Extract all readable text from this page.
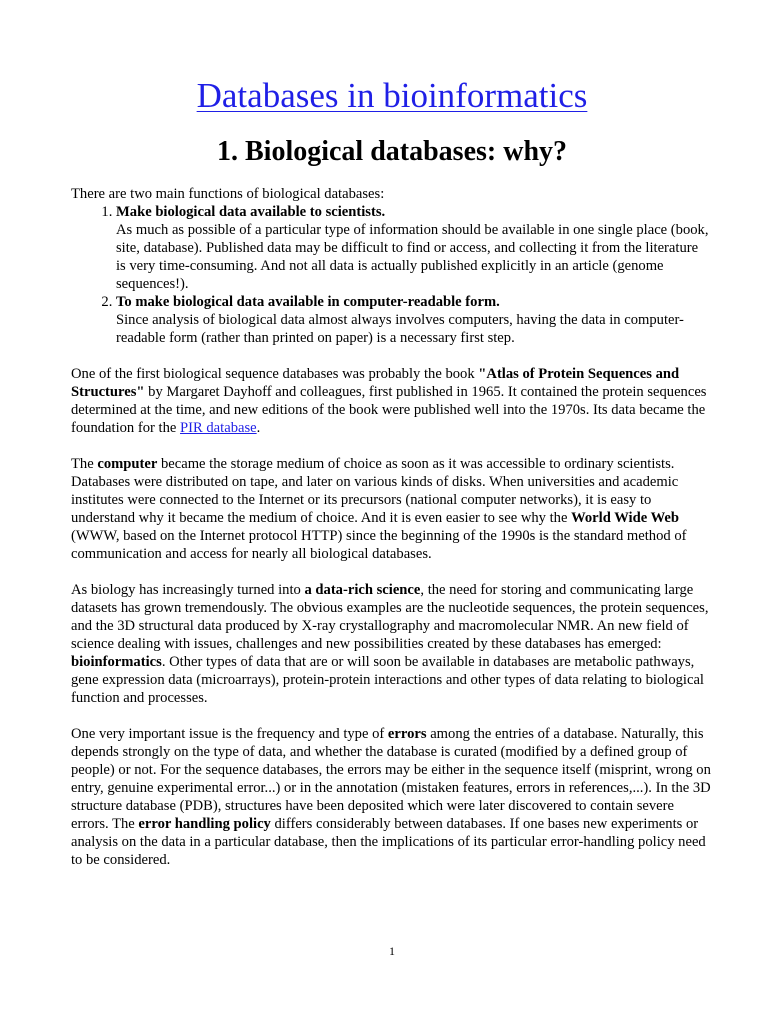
Databases in bioinformatics
1. Biological databases: why?

There are two main functions of biological databases:

1. Make biological data available to scientists.
As much as possible of a particular type of information should be available in one single place (book, site, database). Published data may be difficult to find or access, and collecting it from the literature is very time-consuming. And not all data is actually published explicitly in an article (genome sequences!).
2. To make biological data available in computer-readable form.
Since analysis of biological data almost always involves computers, having the data in computer-readable form (rather than printed on paper) is a necessary first step.

One of the first biological sequence databases was probably the book "Atlas of Protein Sequences and Structures" by Margaret Dayhoff and colleagues, first published in 1965. It contained the protein sequences determined at the time, and new editions of the book were published well into the 1970s. Its data became the foundation for the PIR database.

The computer became the storage medium of choice as soon as it was accessible to ordinary scientists. Databases were distributed on tape, and later on various kinds of disks. When universities and academic institutes were connected to the Internet or its precursors (national computer networks), it is easy to understand why it became the medium of choice. And it is even easier to see why the World Wide Web (WWW, based on the Internet protocol HTTP) since the beginning of the 1990s is the standard method of communication and access for nearly all biological databases.

As biology has increasingly turned into a data-rich science, the need for storing and communicating large datasets has grown tremendously. The obvious examples are the nucleotide sequences, the protein sequences, and the 3D structural data produced by X-ray crystallography and macromolecular NMR. An new field of science dealing with issues, challenges and new possibilities created by these databases has emerged: bioinformatics. Other types of data that are or will soon be available in databases are metabolic pathways, gene expression data (microarrays), protein-protein interactions and other types of data relating to biological function and processes.

One very important issue is the frequency and type of errors among the entries of a database. Naturally, this depends strongly on the type of data, and whether the database is curated (modified by a defined group of people) or not. For the sequence databases, the errors may be either in the sequence itself (misprint, wrong on entry, genuine experimental error...) or in the annotation (mistaken features, errors in references,...). In the 3D structure database (PDB), structures have been deposited which were later discovered to contain severe errors. The error handling policy differs considerably between databases. If one bases new experiments or analysis on the data in a particular database, then the implications of its particular error-handling policy need to be considered.

1
